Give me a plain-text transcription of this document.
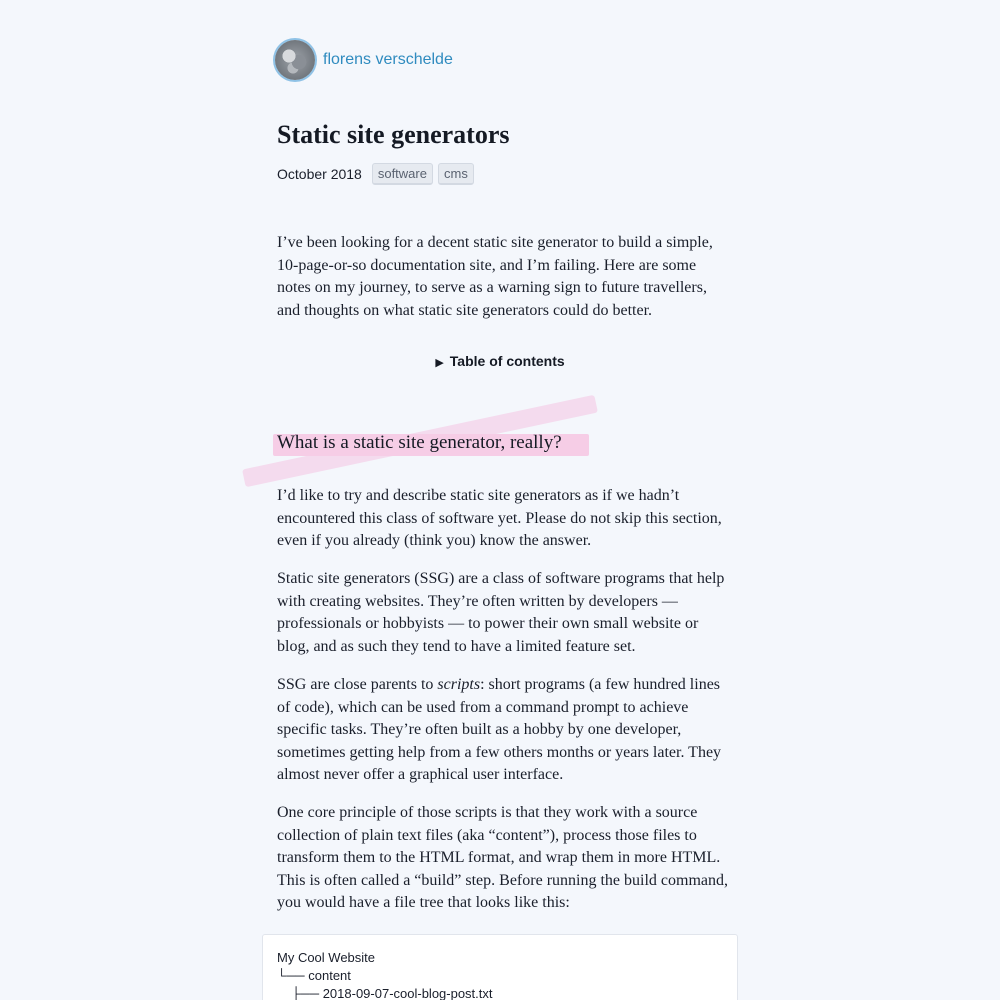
florens verschelde
Static site generators
October 2018	software	cms

I’ve been looking for a decent static site generator to build a simple, 10-page-or-so documentation site, and I’m failing. Here are some notes on my journey, to serve as a warning sign to future travellers, and thoughts on what static site generators could do better.

▶ Table of contents
What is a static site generator, really?

I’d like to try and describe static site generators as if we hadn’t encountered this class of software yet. Please do not skip this section, even if you already (think you) know the answer.

Static site generators (SSG) are a class of software programs that help with creating websites. They’re often written by developers — professionals or hobbyists — to power their own small website or blog, and as such they tend to have a limited feature set.

SSG are close parents to scripts: short programs (a few hundred lines of code), which can be used from a command prompt to achieve specific tasks. They’re often built as a hobby by one developer, sometimes getting help from a few others months or years later. They almost never offer a graphical user interface.

One core principle of those scripts is that they work with a source collection of plain text files (aka “content”), process those files to transform them to the HTML format, and wrap them in more HTML. This is often called a “build” step. Before running the build command, you would have a file tree that looks like this:

My Cool Website
└── content
├── 2018-09-07-cool-blog-post.txt
